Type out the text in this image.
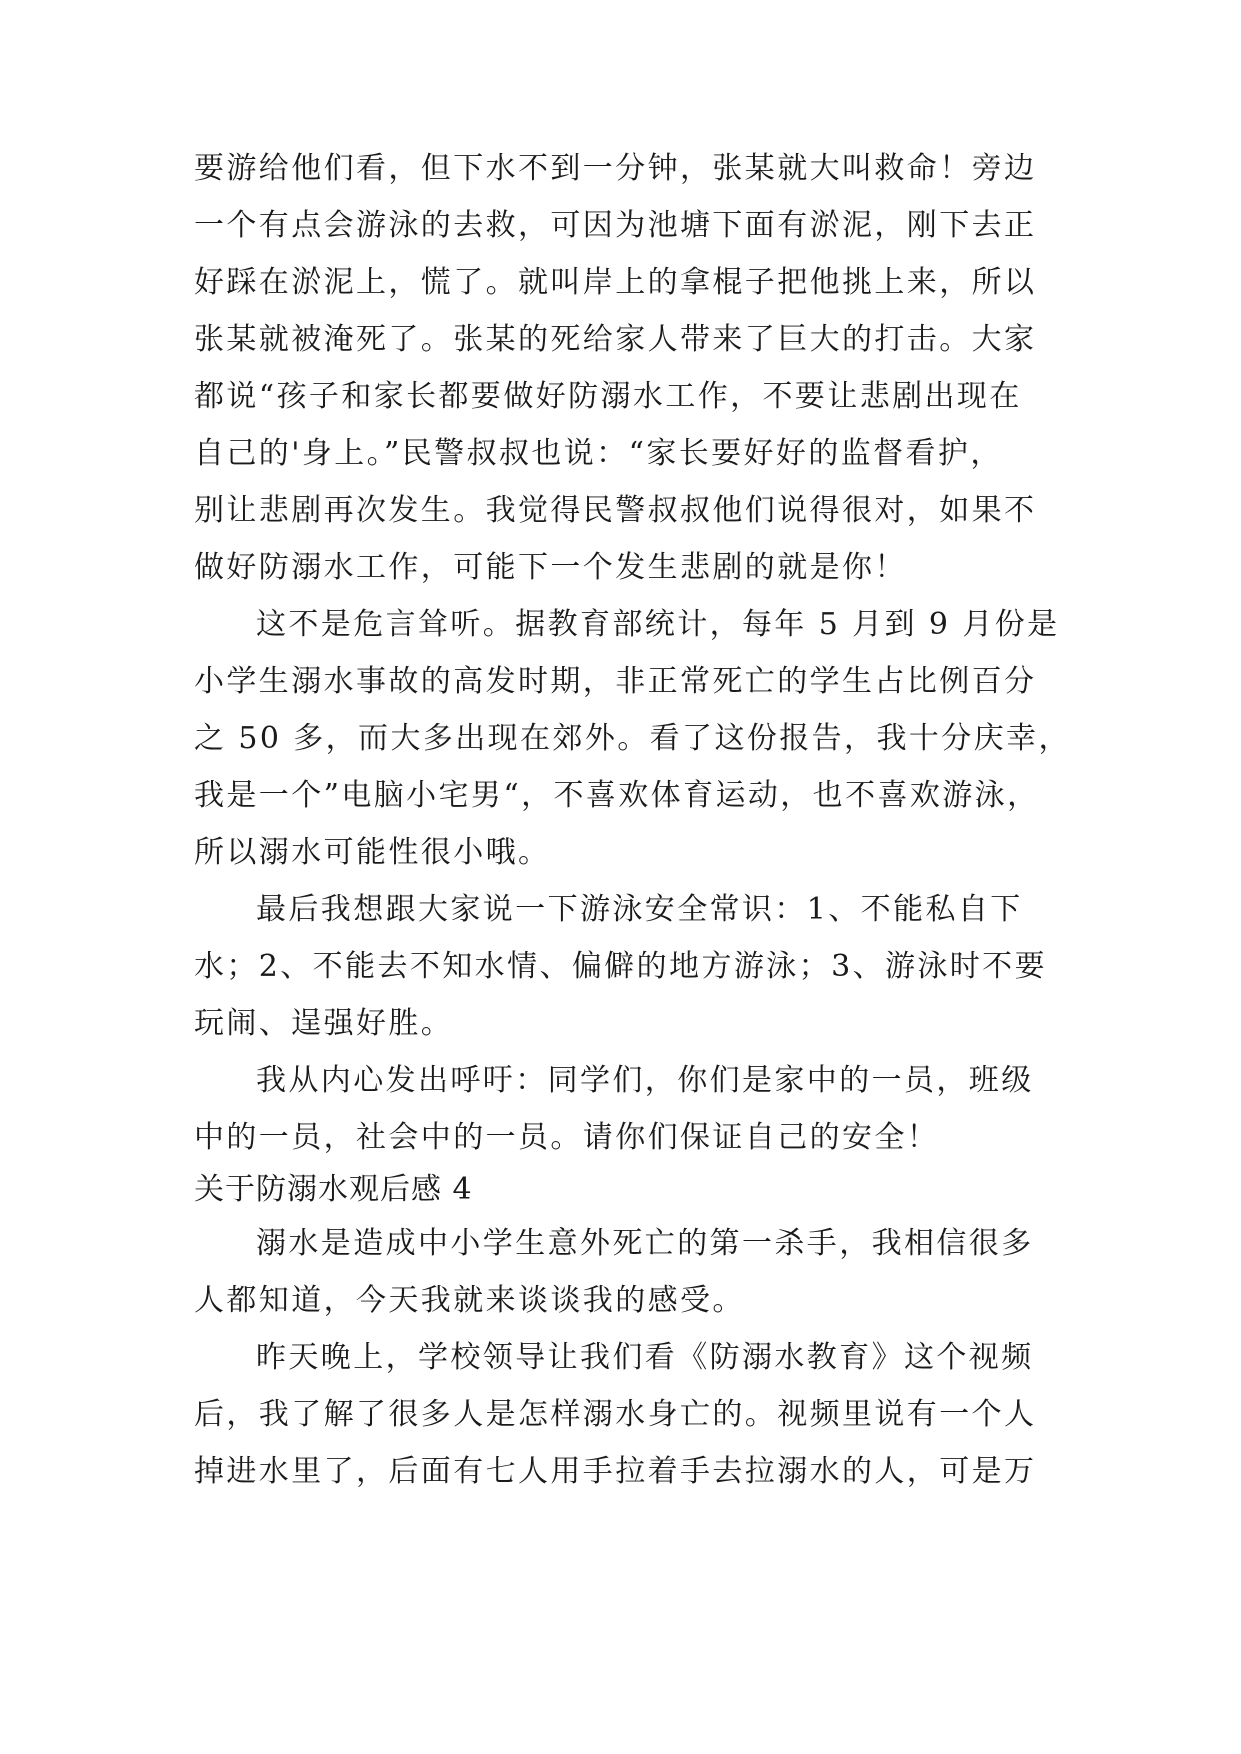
要游给他们看，但下水不到一分钟，张某就大叫救命！旁边
一个有点会游泳的去救，可因为池塘下面有淤泥，刚下去正
好踩在淤泥上，慌了。就叫岸上的拿棍子把他挑上来，所以
张某就被淹死了。张某的死给家人带来了巨大的打击。大家
都说“孩子和家长都要做好防溺水工作，不要让悲剧出现在
自己的'身上。”民警叔叔也说：“家长要好好的监督看护，
别让悲剧再次发生。我觉得民警叔叔他们说得很对，如果不
做好防溺水工作，可能下一个发生悲剧的就是你！
这不是危言耸听。据教育部统计，每年 5 月到 9 月份是
小学生溺水事故的高发时期，非正常死亡的学生占比例百分
之 50 多，而大多出现在郊外。看了这份报告，我十分庆幸，
我是一个”电脑小宅男“，不喜欢体育运动，也不喜欢游泳，
所以溺水可能性很小哦。
最后我想跟大家说一下游泳安全常识：1、不能私自下
水；2、不能去不知水情、偏僻的地方游泳；3、游泳时不要
玩闹、逞强好胜。
我从内心发出呼吁：同学们，你们是家中的一员，班级
中的一员，社会中的一员。请你们保证自己的安全！
关于防溺水观后感 4
溺水是造成中小学生意外死亡的第一杀手，我相信很多
人都知道，今天我就来谈谈我的感受。
昨天晚上，学校领导让我们看《防溺水教育》这个视频
后，我了解了很多人是怎样溺水身亡的。视频里说有一个人
掉进水里了，后面有七人用手拉着手去拉溺水的人，可是万
